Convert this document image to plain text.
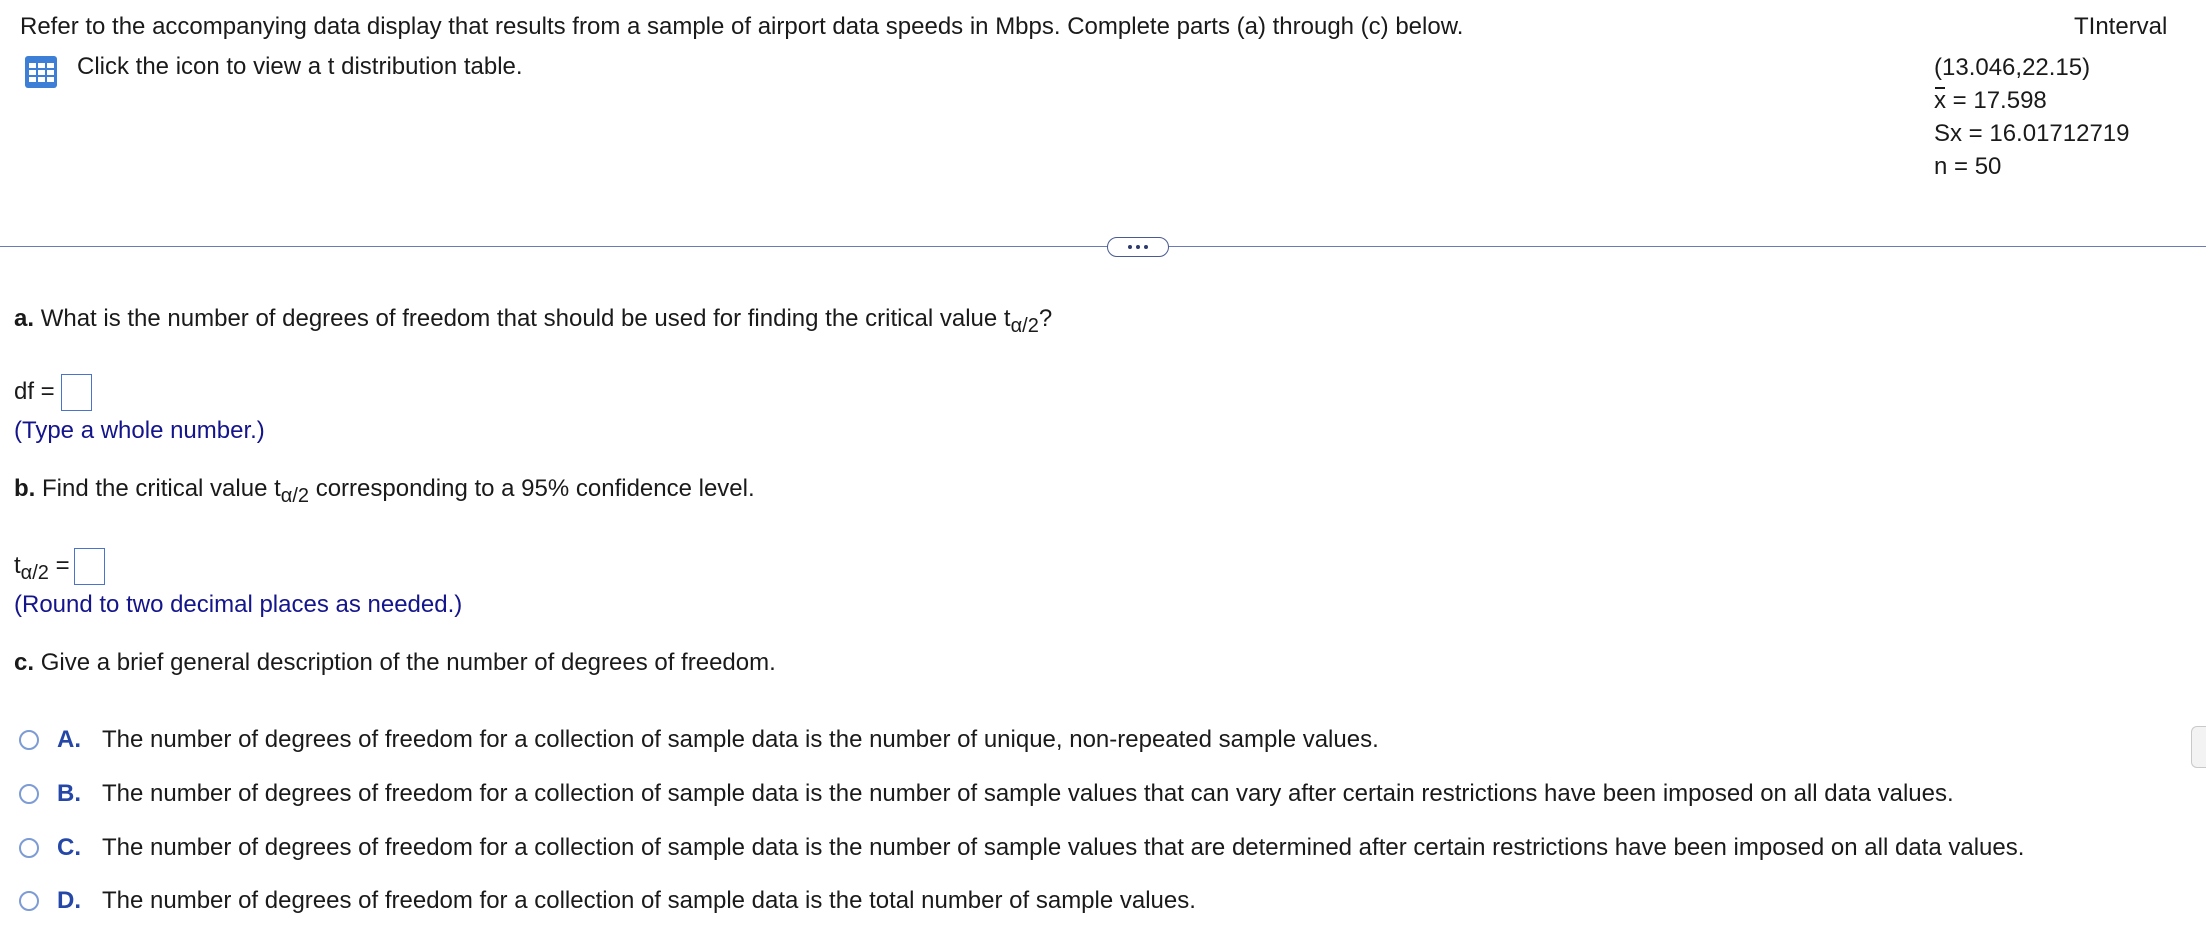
Refer to the accompanying data display that results from a sample of airport data speeds in Mbps. Complete parts (a) through (c) below.
Click the icon to view a t distribution table.
TInterval
(13.046,22.15)
x = 17.598
Sx = 16.01712719
n = 50
a. What is the number of degrees of freedom that should be used for finding the critical value $t_{\alpha/2}$?
df =
(Type a whole number.)
b. Find the critical value $t_{\alpha/2}$ corresponding to a 95% confidence level.
$t_{\alpha/2}$ =
(Round to two decimal places as needed.)
c. Give a brief general description of the number of degrees of freedom.
A. The number of degrees of freedom for a collection of sample data is the number of unique, non-repeated sample values.
B. The number of degrees of freedom for a collection of sample data is the number of sample values that can vary after certain restrictions have been imposed on all data values.
C. The number of degrees of freedom for a collection of sample data is the number of sample values that are determined after certain restrictions have been imposed on all data values.
D. The number of degrees of freedom for a collection of sample data is the total number of sample values.
